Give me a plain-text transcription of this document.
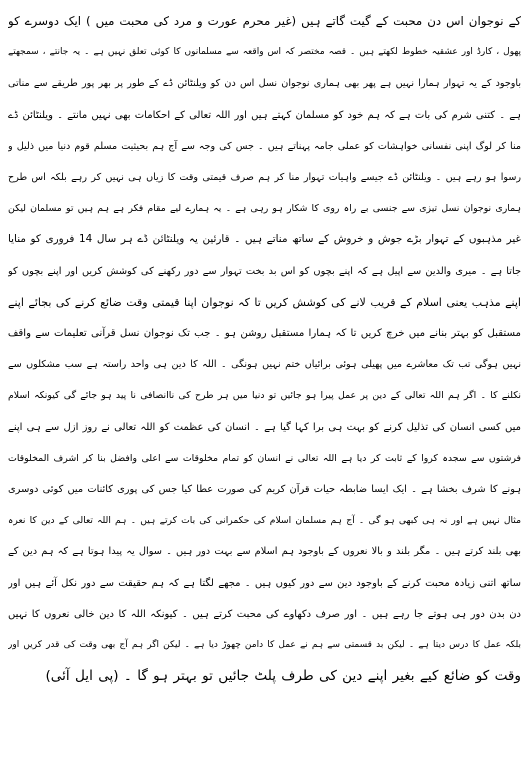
کے نوجوان اس دن محبت کے گیت گاتے ہیں (غیر محرم عورت و مرد کی محبت میں ) ایک دوسرے کو
پھول ، کارڈ اور عشقیہ خطوط لکھتے ہیں ۔ قصہ مختصر کہ اس واقعہ سے مسلمانوں کا کوئی تعلق نہیں ہے ۔ یہ جانتے ، سمجھتے
باوجود کے یہ تہوار ہمارا نہیں ہے پھر بھی ہماری نوجوان نسل اس دن کو ویلنٹائن ڈے کے طور پر بھر پور طریقے سے مناتی
ہے ۔ کتنی شرم کی بات ہے کہ ہم خود کو مسلمان کہتے ہیں اور اللہ تعالی کے احکامات بھی نہیں مانتے ۔ ویلنٹائن ڈے
منا کر لوگ اپنی نفسانی خواہشات کو عملی جامہ پہناتے ہیں ۔ جس کی وجہ سے آج ہم بحیثیت مسلم قوم دنیا میں ذلیل و
رسوا ہو رہے ہیں ۔ ویلنٹائن ڈے جیسے واہیات تہوار منا کر ہم صرف قیمتی وقت کا زیاں ہی نہیں کر رہے بلکہ اس طرح
ہماری نوجوان نسل تیزی سے جنسی بے راہ روی کا شکار ہو رہی ہے ۔ یہ ہمارے لیے مقام فکر ہے ہم ہیں تو مسلمان لیکن
غیر مذہبوں کے تہوار بڑے جوش و خروش کے ساتھ مناتے ہیں ۔ قارئین یہ ویلنٹائن ڈے ہر سال 14 فروری کو منایا
جاتا ہے ۔ میری والدین سے اپیل ہے کہ اپنے بچوں کو اس بد بخت تہوار سے دور رکھنے کی کوشش کریں اور اپنے بچوں کو
اپنے مذہب یعنی اسلام کے قریب لانے کی کوشش کریں تا کہ نوجوان اپنا قیمتی وقت ضائع کرنے کی بجائے اپنے
مستقبل کو بہتر بنانے میں خرچ کریں تا کہ ہمارا مستقبل روشن ہو ۔ جب تک نوجوان نسل قرآنی تعلیمات سے واقف
نہیں ہوگی تب تک معاشرے میں پھیلی ہوئی برائیاں ختم نہیں ہونگی ۔ اللہ کا دین ہی واحد راستہ ہے سب مشکلوں سے
نکلنے کا ۔ اگر ہم اللہ تعالی کے دین پر عمل پیرا ہو جائیں تو دنیا میں ہر طرح کی ناانصافی نا پید ہو جائے گی کیونکہ اسلام
میں کسی انسان کی تذلیل کرنے کو بہت ہی برا کہا گیا ہے ۔ انسان کی عظمت کو اللہ تعالی نے روز ازل سے ہی اپنے
فرشتوں سے سجدہ کروا کے ثابت کر دیا ہے اللہ تعالی نے انسان کو تمام مخلوقات سے اعلی وافضل بنا کر اشرف المخلوقات
ہونے کا شرف بخشا ہے ۔ ایک ایسا ضابطہ حیات قرآن کریم کی صورت عطا کیا جس کی پوری کائنات میں کوئی دوسری
مثال نہیں ہے اور نہ ہی کبھی ہو گی ۔ آج ہم مسلمان اسلام کی حکمرانی کی بات کرتے ہیں ۔ ہم اللہ تعالی کے دین کا نعرہ
بھی بلند کرتے ہیں ۔ مگر بلند و بالا نعروں کے باوجود ہم اسلام سے بہت دور ہیں ۔ سوال یہ پیدا ہوتا ہے کہ ہم دین کے
ساتھ اتنی زیادہ محبت کرنے کے باوجود دین سے دور کیوں ہیں ۔ مجھے لگتا ہے کہ ہم حقیقت سے دور نکل آئے ہیں اور
دن بدن دور ہی ہوتے جا رہے ہیں ۔ اور صرف دکھاوے کی محبت کرتے ہیں ۔ کیونکہ اللہ کا دین خالی نعروں کا نہیں
بلکہ عمل کا درس دیتا ہے ۔ لیکن بد قسمتی سے ہم نے عمل کا دامن چھوڑ دیا ہے ۔ لیکن اگر ہم آج بھی وقت کی قدر کریں اور
وقت کو ضائع کیے بغیر اپنے دین کی طرف پلٹ جائیں تو بہتر ہو گا ۔ (پی ایل آئی)
